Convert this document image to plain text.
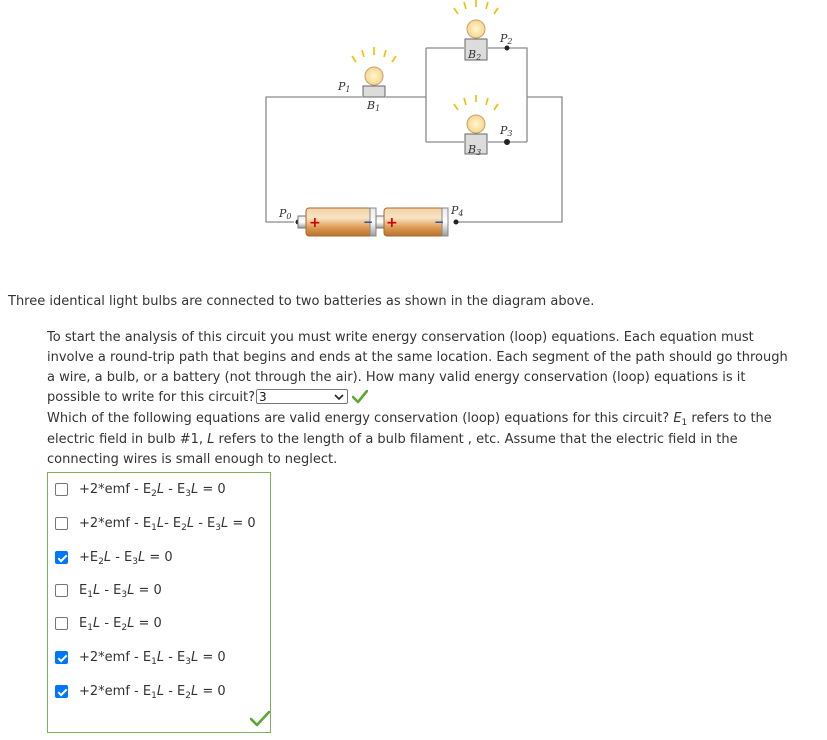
+	− +	−
P0
P1
P2
P3
P4
B1
B2
B3

Three identical light bulbs are connected to two batteries as shown in the diagram above.

To start the analysis of this circuit you must write energy conservation (loop) equations. Each equation must involve a round-trip path that begins and ends at the same location. Each segment of the path should go through a wire, a bulb, or a battery (not through the air). How many valid energy conservation (loop) equations is it possible to write for this circuit? 3

Which of the following equations are valid energy conservation (loop) equations for this circuit? $E_1$ refers to the electric field in bulb #1, L refers to the length of a bulb filament , etc. Assume that the electric field in the connecting wires is small enough to neglect.

$+2*emf - E_2L - E_3L = 0$
$+2*emf - E_1L-$ $E_2L - E_3L = 0$
$+E_2L - E_3L = 0$
$E_1L - E_3L = 0$
$E_1L - E_2L = 0$
$+2*emf - E_1L - E_3L = 0$
$+2*emf - E_1L - E_2L = 0$
